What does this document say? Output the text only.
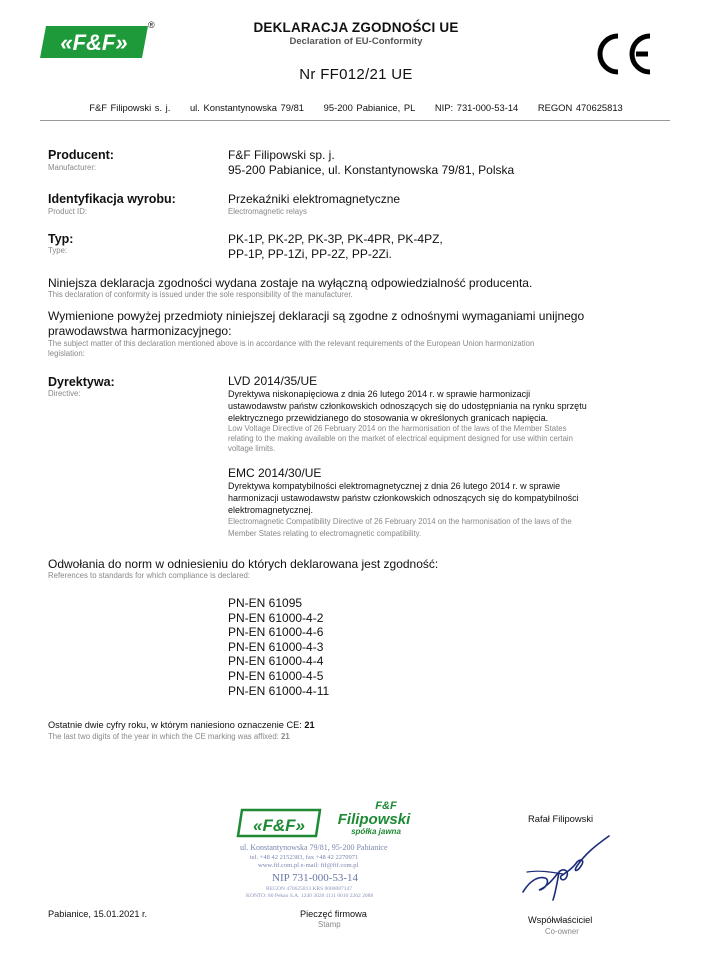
«F&F»
®	DEKLARACJA ZGODNOŚCI UE
Declaration of EU-Conformity
Nr FF012/21 UE
F&F Filipowski s. j. ul. Konstantynowska 79/81 95-200 Pabianice, PL NIP: 731-000-53-14 REGON 470625813
Producent:
Manufacturer:
F&F Filipowski sp. j.
95-200 Pabianice, ul. Konstantynowska 79/81, Polska
Identyfikacja wyrobu:
Product ID:
Przekaźniki elektromagnetyczne
Electromagnetic relays
Typ:
Type:
PK-1P, PK-2P, PK-3P, PK-4PR, PK-4PZ,
PP-1P, PP-1Zi, PP-2Z, PP-2Zi.
Niniejsza deklaracja zgodności wydana zostaje na wyłączną odpowiedzialność producenta.
This declaration of conformity is issued under the sole responsibility of the manufacturer.
Wymienione powyżej przedmioty niniejszej deklaracji są zgodne z odnośnymi wymaganiami unijnego
prawodawstwa harmonizacyjnego:
The subject matter of this declaration mentioned above is in accordance with the relevant requirements of the European Union harmonization
legislation:
Dyrektywa:
Directive:
LVD 2014/35/UE
Dyrektywa niskonapięciowa z dnia 26 lutego 2014 r. w sprawie harmonizacji
ustawodawstw państw członkowskich odnoszących się do udostępniania na rynku sprzętu
elektrycznego przewidzianego do stosowania w określonych granicach napięcia.
Low Voltage Directive of 26 February 2014 on the harmonisation of the laws of the Member States
relating to the making available on the market of electrical equipment designed for use within certain
voltage limits.
EMC 2014/30/UE
Dyrektywa kompatybilności elektromagnetycznej z dnia 26 lutego 2014 r. w sprawie
harmonizacji ustawodawstw państw członkowskich odnoszących się do kompatybilności
elektromagnetycznej.
Electromagnetic Compatibility Directive of 26 February 2014 on the harmonisation of the laws of the
Member States relating to electromagnetic compatibility.
Odwołania do norm w odniesieniu do których deklarowana jest zgodność:
References to standards for which compliance is declared:
PN-EN 61095
PN-EN 61000-4-2
PN-EN 61000-4-6
PN-EN 61000-4-3
PN-EN 61000-4-4
PN-EN 61000-4-5
PN-EN 61000-4-11
Ostatnie dwie cyfry roku, w którym naniesiono oznaczenie CE: 21
The last two digits of the year in which the CE marking was affixed: 21
«F&F»
F&F
Filipowski
spółka jawna
ul. Konstantynowska 79/81, 95-200 Pabianice
tel. +48 42 2152383, fax +48 42 2270971
www.fif.com.pl e-mail: fif@fif.com.pl
NIP 731-000-53-14
REGON 470625813 KRS 0000087147
KONTO: 80 Pekao S.A. 1240 3028 1111 0010 2262 2088
Pabianice, 15.01.2021 r.	Pieczęć firmowa
Stamp
Rafał Filipowski
Współwłaściciel
Co-owner
